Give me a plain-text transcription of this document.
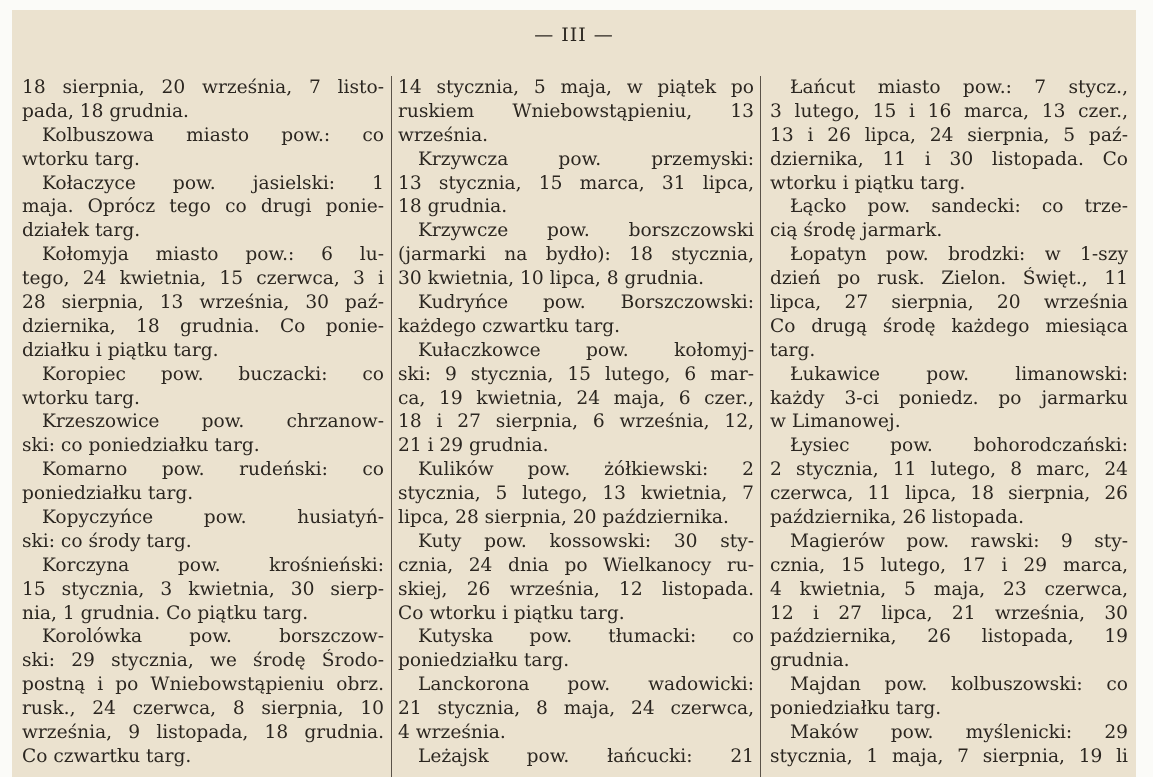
— III —
18 sierpnia, 20 września, 7 listo-
pada, 18 grudnia.
Kolbuszowa miasto pow.: co
wtorku targ.
Kołaczyce pow. jasielski: 1
maja. Oprócz tego co drugi ponie-
działek targ.
Kołomyja miasto pow.: 6 lu-
tego, 24 kwietnia, 15 czerwca, 3 i
28 sierpnia, 13 września, 30 paź-
dziernika, 18 grudnia. Co ponie-
działku i piątku targ.
Koropiec pow. buczacki: co
wtorku targ.
Krzeszowice pow. chrzanow-
ski: co poniedziałku targ.
Komarno pow. rudeński: co
poniedziałku targ.
Kopyczyńce pow. husiatyń-
ski: co środy targ.
Korczyna pow. krośnieński:
15 stycznia, 3 kwietnia, 30 sierp-
nia, 1 grudnia. Co piątku targ.
Korolówka pow. borszczow-
ski: 29 stycznia, we środę Środo-
postną i po Wniebowstąpieniu obrz.
rusk., 24 czerwca, 8 sierpnia, 10
września, 9 listopada, 18 grudnia.
Co czwartku targ.
14 stycznia, 5 maja, w piątek po
ruskiem Wniebowstąpieniu, 13
września.
Krzywcza pow. przemyski:
13 stycznia, 15 marca, 31 lipca,
18 grudnia.
Krzywcze pow. borszczowski
(jarmarki na bydło): 18 stycznia,
30 kwietnia, 10 lipca, 8 grudnia.
Kudryńce pow. Borszczowski:
każdego czwartku targ.
Kułaczkowce pow. kołomyj-
ski: 9 stycznia, 15 lutego, 6 mar-
ca, 19 kwietnia, 24 maja, 6 czer.,
18 i 27 sierpnia, 6 września, 12,
21 i 29 grudnia.
Kulików pow. żółkiewski: 2
stycznia, 5 lutego, 13 kwietnia, 7
lipca, 28 sierpnia, 20 października.
Kuty pow. kossowski: 30 sty-
cznia, 24 dnia po Wielkanocy ru-
skiej, 26 września, 12 listopada.
Co wtorku i piątku targ.
Kutyska pow. tłumacki: co
poniedziałku targ.
Lanckorona pow. wadowicki:
21 stycznia, 8 maja, 24 czerwca,
4 września.
Leżajsk pow. łańcucki: 21
Łańcut miasto pow.: 7 stycz.,
3 lutego, 15 i 16 marca, 13 czer.,
13 i 26 lipca, 24 sierpnia, 5 paź-
dziernika, 11 i 30 listopada. Co
wtorku i piątku targ.
Łącko pow. sandecki: co trze-
cią środę jarmark.
Łopatyn pow. brodzki: w 1-szy
dzień po rusk. Zielon. Święt., 11
lipca, 27 sierpnia, 20 września
Co drugą środę każdego miesiąca
targ.
Łukawice pow. limanowski:
każdy 3-ci poniedz. po jarmarku
w Limanowej.
Łysiec pow. bohorodczański:
2 stycznia, 11 lutego, 8 marc, 24
czerwca, 11 lipca, 18 sierpnia, 26
października, 26 listopada.
Magierów pow. rawski: 9 sty-
cznia, 15 lutego, 17 i 29 marca,
4 kwietnia, 5 maja, 23 czerwca,
12 i 27 lipca, 21 września, 30
października, 26 listopada, 19
grudnia.
Majdan pow. kolbuszowski: co
poniedziałku targ.
Maków pow. myślenicki: 29
stycznia, 1 maja, 7 sierpnia, 19 li
